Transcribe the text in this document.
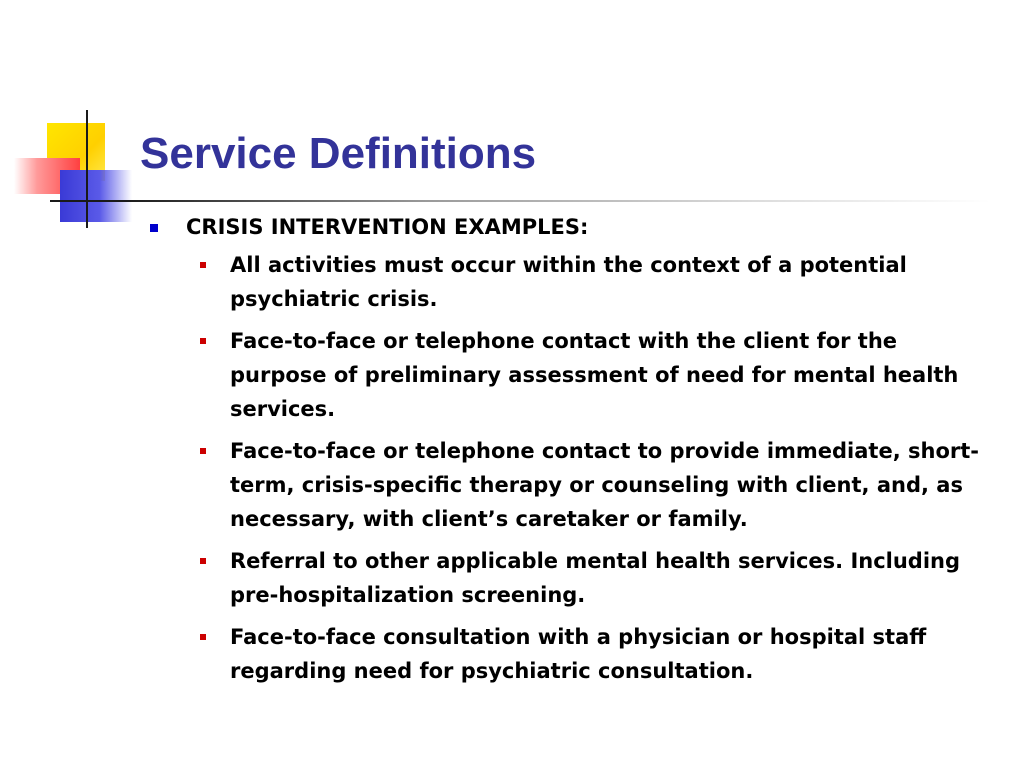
Service Definitions
CRISIS INTERVENTION EXAMPLES:
All activities must occur within the context of a potential psychiatric crisis.
Face-to-face or telephone contact with the client for the purpose of preliminary assessment of need for mental health services.
Face-to-face or telephone contact to provide immediate, short-term, crisis-specific therapy or counseling with client, and, as necessary, with client’s caretaker or family.
Referral to other applicable mental health services. Including pre-hospitalization screening.
Face-to-face consultation with a physician or hospital staff regarding need for psychiatric consultation.
